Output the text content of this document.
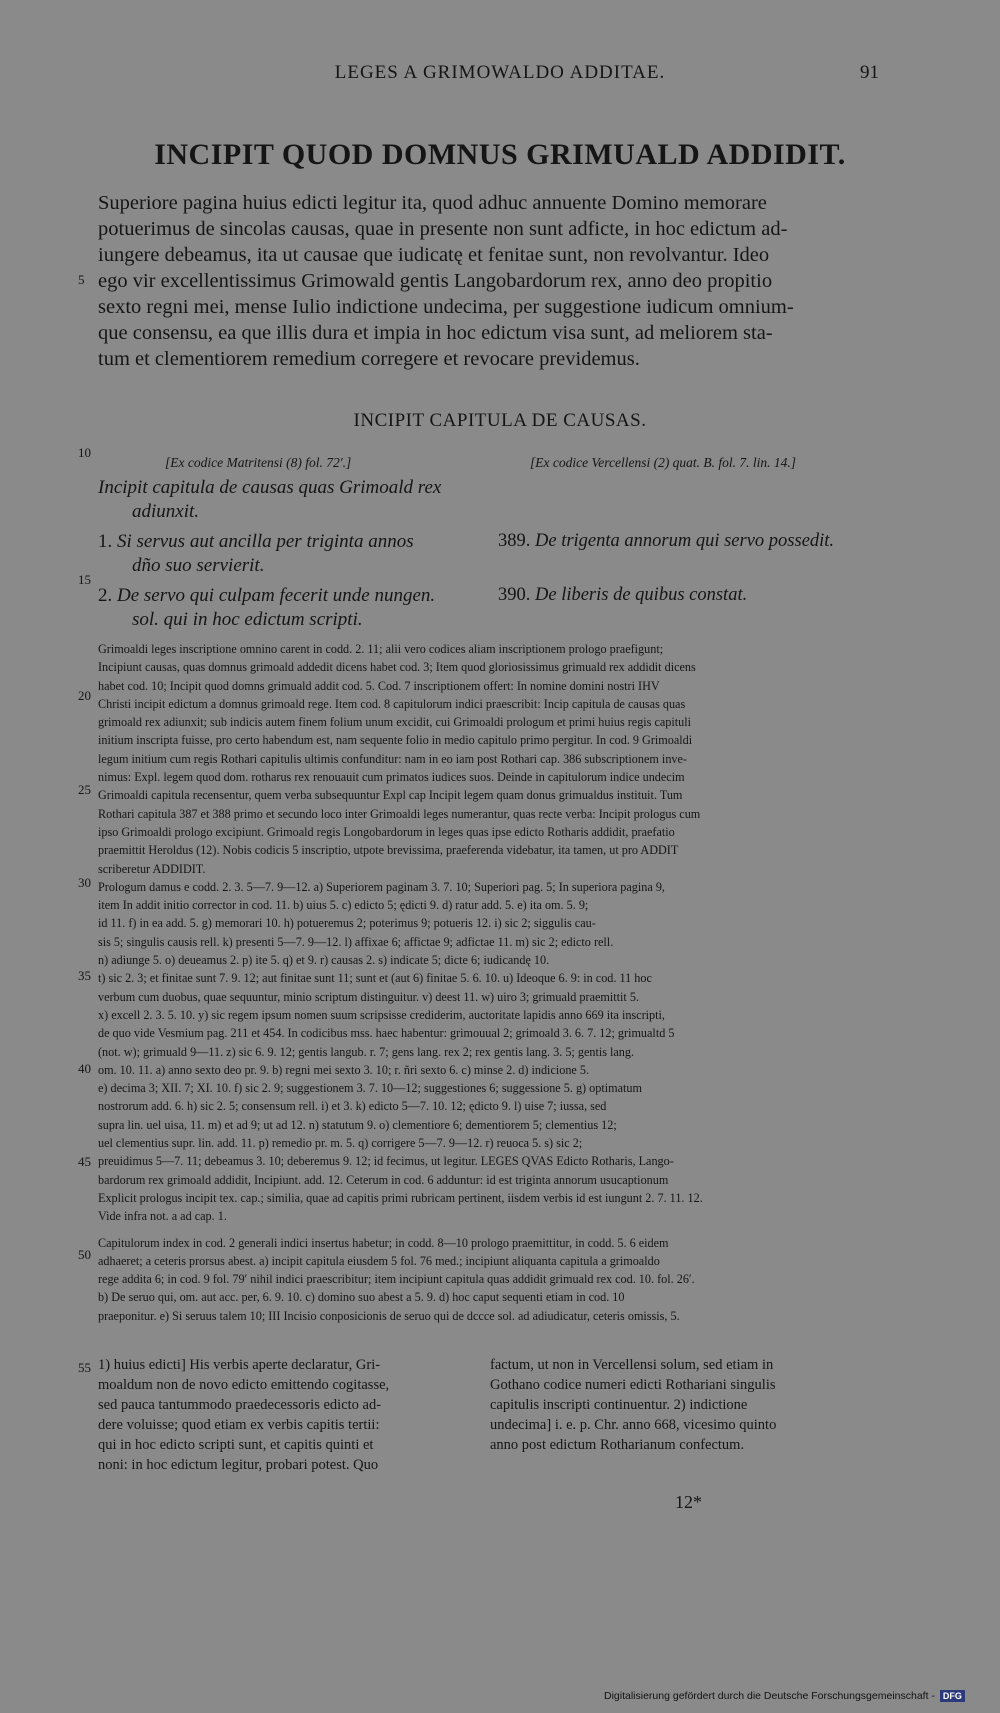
LEGES A GRIMOWALDO ADDITAE.	91
INCIPIT QUOD DOMNUS GRIMUALD ADDIDIT.
Superiore pagina huius edicti legitur ita, quod adhuc annuente Domino memorare
potuerimus de sincolas causas, quae in presente non sunt adficte, in hoc edictum ad-
iungere debeamus, ita ut causae que iudicatę et fenitae sunt, non revolvantur. Ideo
ego vir excellentissimus Grimowald gentis Langobardorum rex, anno deo propitio
sexto regni mei, mense Iulio indictione undecima, per suggestione iudicum omnium-
que consensu, ea que illis dura et impia in hoc edictum visa sunt, ad meliorem sta-
tum et clementiorem remedium corregere et revocare previdemus.
5
10
15
20
25
30
35
40
45
50
55
INCIPIT CAPITULA DE CAUSAS.
[Ex codice Matritensi (8) fol. 72′.]	[Ex codice Vercellensi (2) quat. B. fol. 7. lin. 14.]
Incipit capitula de causas quas Grimoald rex
adiunxit.
1. Si servus aut ancilla per triginta annos
dño suo servierit.
2. De servo qui culpam fecerit unde nungen.
sol. qui in hoc edictum scripti.
389. De trigenta annorum qui servo possedit.
390. De liberis de quibus constat.

Grimoaldi leges inscriptione omnino carent in codd. 2. 11; alii vero codices aliam inscriptionem prologo praefigunt;

Incipiunt causas, quas domnus grimoald addedit dicens habet cod. 3; Item quod gloriosissimus grimuald rex addidit dicens

habet cod. 10; Incipit quod domns grimuald addit cod. 5. Cod. 7 inscriptionem offert: In nomine domini nostri IHV

Christi incipit edictum a domnus grimoald rege. Item cod. 8 capitulorum indici praescribit: Incip capitula de causas quas

grimoald rex adiunxit; sub indicis autem finem folium unum excidit, cui Grimoaldi prologum et primi huius regis capituli

initium inscripta fuisse, pro certo habendum est, nam sequente folio in medio capitulo primo pergitur. In cod. 9 Grimoaldi

legum initium cum regis Rothari capitulis ultimis confunditur: nam in eo iam post Rothari cap. 386 subscriptionem inve-

nimus: Expl. legem quod dom. rotharus rex renouauit cum primatos iudices suos. Deinde in capitulorum indice undecim

Grimoaldi capitula recensentur, quem verba subsequuntur Expl cap Incipit legem quam donus grimualdus instituit. Tum

Rothari capitula 387 et 388 primo et secundo loco inter Grimoaldi leges numerantur, quas recte verba: Incipit prologus cum

ipso Grimoaldi prologo excipiunt. Grimoald regis Longobardorum in leges quas ipse edicto Rotharis addidit, praefatio

praemittit Heroldus (12). Nobis codicis 5 inscriptio, utpote brevissima, praeferenda videbatur, ita tamen, ut pro ADDIT

scriberetur ADDIDIT.

Prologum damus e codd. 2. 3. 5—7. 9—12. a) Superiorem paginam 3. 7. 10; Superiori pag. 5; In superiora pagina 9,

item In addit initio corrector in cod. 11. b) uius 5. c) edicto 5; ędicti 9. d) ratur add. 5. e) ita om. 5. 9;

id 11. f) in ea add. 5. g) memorari 10. h) potueremus 2; poterimus 9; potueris 12. i) sic 2; siggulis cau-

sis 5; singulis causis rell. k) presenti 5—7. 9—12. l) affixae 6; affictae 9; adfictae 11. m) sic 2; edicto rell.

n) adiunge 5. o) deueamus 2. p) ite 5. q) et 9. r) causas 2. s) indicate 5; dicte 6; iudicandę 10.

t) sic 2. 3; et finitae sunt 7. 9. 12; aut finitae sunt 11; sunt et (aut 6) finitae 5. 6. 10. u) Ideoque 6. 9: in cod. 11 hoc

verbum cum duobus, quae sequuntur, minio scriptum distinguitur. v) deest 11. w) uiro 3; grimuald praemittit 5.

x) excell 2. 3. 5. 10. y) sic regem ipsum nomen suum scripsisse crediderim, auctoritate lapidis anno 669 ita inscripti,

de quo vide Vesmium pag. 211 et 454. In codicibus mss. haec habentur: grimouual 2; grimoald 3. 6. 7. 12; grimualtd 5

(not. w); grimuald 9—11. z) sic 6. 9. 12; gentis langub. r. 7; gens lang. rex 2; rex gentis lang. 3. 5; gentis lang.

om. 10. 11. a) anno sexto deo pr. 9. b) regni mei sexto 3. 10; r. ñri sexto 6. c) minse 2. d) indicione 5.

e) decima 3; XII. 7; XI. 10. f) sic 2. 9; suggestionem 3. 7. 10—12; suggestiones 6; suggessione 5. g) optimatum

nostrorum add. 6. h) sic 2. 5; consensum rell. i) et 3. k) edicto 5—7. 10. 12; ędicto 9. l) uise 7; iussa, sed

supra lin. uel uisa, 11. m) et ad 9; ut ad 12. n) statutum 9. o) clementiore 6; dementiorem 5; clementius 12;

uel clementius supr. lin. add. 11. p) remedio pr. m. 5. q) corrigere 5—7. 9—12. r) reuoca 5. s) sic 2;

preuidimus 5—7. 11; debeamus 3. 10; deberemus 9. 12; id fecimus, ut legitur. LEGES QVAS Edicto Rotharis, Lango-

bardorum rex grimoald addidit, Incipiunt. add. 12. Ceterum in cod. 6 adduntur: id est triginta annorum usucaptionum

Explicit prologus incipit tex. cap.; similia, quae ad capitis primi rubricam pertinent, iisdem verbis id est iungunt 2. 7. 11. 12.

Vide infra not. a ad cap. 1.

Capitulorum index in cod. 2 generali indici insertus habetur; in codd. 8—10 prologo praemittitur, in codd. 5. 6 eidem

adhaeret; a ceteris prorsus abest. a) incipit capitula eiusdem 5 fol. 76 med.; incipiunt aliquanta capitula a grimoaldo

rege addita 6; in cod. 9 fol. 79′ nihil indici praescribitur; item incipiunt capitula quas addidit grimuald rex cod. 10. fol. 26′.

b) De seruo qui, om. aut acc. per, 6. 9. 10. c) domino suo abest a 5. 9. d) hoc caput sequenti etiam in cod. 10

praeponitur. e) Si seruus talem 10; III Incisio conposicionis de seruo qui de dccce sol. ad adiudicatur, ceteris omissis, 5.

1) huius edicti] His verbis aperte declaratur, Gri-

moaldum non de novo edicto emittendo cogitasse,

sed pauca tantummodo praedecessoris edicto ad-

dere voluisse; quod etiam ex verbis capitis tertii:

qui in hoc edicto scripti sunt, et capitis quinti et

noni: in hoc edictum legitur, probari potest. Quo

factum, ut non in Vercellensi solum, sed etiam in

Gothano codice numeri edicti Rothariani singulis

capitulis inscripti continuentur. 2) indictione

undecima] i. e. p. Chr. anno 668, vicesimo quinto

anno post edictum Rotharianum confectum.

12*
Digitalisierung gefördert durch die Deutsche Forschungsgemeinschaft - DFG
